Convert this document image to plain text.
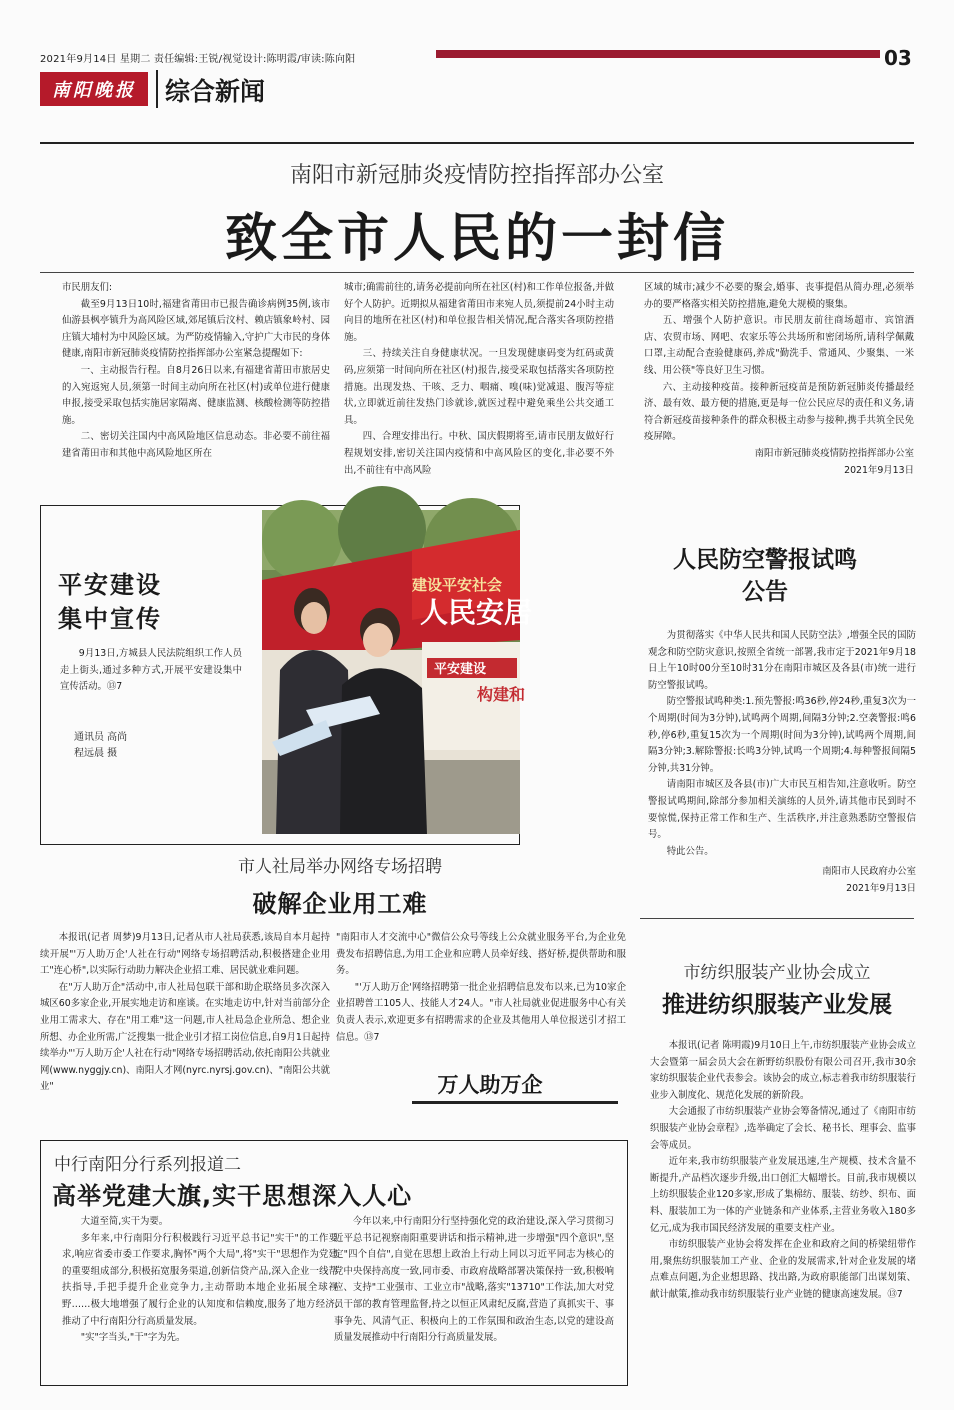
2021年9月14日 星期二 责任编辑:王锐/视觉设计:陈明霞/审读:陈向阳	03
南阳晚报	综合新闻
南阳市新冠肺炎疫情防控指挥部办公室
致全市人民的一封信

市民朋友们:

截至9月13日10时,福建省莆田市已报告确诊病例35例,该市仙游县枫亭镇升为高风险区域,郊尾镇后汶村、赖店镇象岭村、园庄镇大埔村为中风险区域。为严防疫情输入,守护广大市民的身体健康,南阳市新冠肺炎疫情防控指挥部办公室紧急提醒如下:

一、主动报告行程。自8月26日以来,有福建省莆田市旅居史的入宛返宛人员,须第一时间主动向所在社区(村)或单位进行健康申报,接受采取包括实施居家隔离、健康监测、核酸检测等防控措施。

二、密切关注国内中高风险地区信息动态。非必要不前往福建省莆田市和其他中高风险地区所在

城市;确需前往的,请务必提前向所在社区(村)和工作单位报备,并做好个人防护。近期拟从福建省莆田市来宛人员,须提前24小时主动向目的地所在社区(村)和单位报告相关情况,配合落实各项防控措施。

三、持续关注自身健康状况。一旦发现健康码变为红码或黄码,应须第一时间向所在社区(村)报告,接受采取包括落实各项防控措施。出现发热、干咳、乏力、咽痛、嗅(味)觉减退、腹泻等症状,立即就近前往发热门诊就诊,就医过程中避免乘坐公共交通工具。

四、合理安排出行。中秋、国庆假期将至,请市民朋友做好行程规划安排,密切关注国内疫情和中高风险区的变化,非必要不外出,不前往有中高风险

区域的城市;减少不必要的聚会,婚事、丧事提倡从简办理,必须举办的要严格落实相关防控措施,避免大规模的聚集。

五、增强个人防护意识。市民朋友前往商场超市、宾馆酒店、农贸市场、网吧、农家乐等公共场所和密闭场所,请科学佩戴口罩,主动配合查验健康码,养成"勤洗手、常通风、少聚集、一米线、用公筷"等良好卫生习惯。

六、主动接种疫苗。接种新冠疫苗是预防新冠肺炎传播最经济、最有效、最方便的措施,更是每一位公民应尽的责任和义务,请符合新冠疫苗接种条件的群众积极主动参与接种,携手共筑全民免疫屏障。

南阳市新冠肺炎疫情防控指挥部办公室

2021年9月13日

建设平安社会
人民安居
平安建设
构建和
平安建设
集中宣传

9月13日,方城县人民法院组织工作人员走上街头,通过多种方式,开展平安建设集中宣传活动。⑬7

通讯员 高尚
程远晨 摄
人民防空警报试鸣
公告

为贯彻落实《中华人民共和国人民防空法》,增强全民的国防观念和防空防灾意识,按照全省统一部署,我市定于2021年9月18日上午10时00分至10时31分在南阳市城区及各县(市)统一进行防空警报试鸣。

防空警报试鸣种类:1.预先警报:鸣36秒,停24秒,重复3次为一个周期(时间为3分钟),试鸣两个周期,间隔3分钟;2.空袭警报:鸣6秒,停6秒,重复15次为一个周期(时间为3分钟),试鸣两个周期,间隔3分钟;3.解除警报:长鸣3分钟,试鸣一个周期;4.每种警报间隔5分钟,共31分钟。

请南阳市城区及各县(市)广大市民互相告知,注意收听。防空警报试鸣期间,除部分参加相关演练的人员外,请其他市民到时不要惊慌,保持正常工作和生产、生活秩序,并注意熟悉防空警报信号。

特此公告。

南阳市人民政府办公室

2021年9月13日

市人社局举办网络专场招聘
破解企业用工难

本报讯(记者 周梦)9月13日,记者从市人社局获悉,该局自本月起持续开展"'万人助万企'人社在行动"网络专场招聘活动,积极搭建企业用工"连心桥",以实际行动助力解决企业招工难、居民就业难问题。

在"万人助万企"活动中,市人社局包联干部和助企联络员多次深入城区60多家企业,开展实地走访和座谈。在实地走访中,针对当前部分企业用工需求大、存在"用工难"这一问题,市人社局急企业所急、想企业所想、办企业所需,广泛搜集一批企业引才招工岗位信息,自9月1日起持续举办"'万人助万企'人社在行动"网络专场招聘活动,依托南阳公共就业网(www.nyggjy.cn)、南阳人才网(nyrc.nyrsj.gov.cn)、"南阳公共就业"

"南阳市人才交流中心"微信公众号等线上公众就业服务平台,为企业免费发布招聘信息,为用工企业和应聘人员牵好线、搭好桥,提供帮助和服务。

"'万人助万企'网络招聘第一批企业招聘信息发布以来,已为10家企业招聘普工105人、技能人才24人。"市人社局就业促进服务中心有关负责人表示,欢迎更多有招聘需求的企业及其他用人单位报送引才招工信息。⑬7

万人助万企
中行南阳分行系列报道二
高举党建大旗,实干思想深入人心

大道至简,实干为要。

多年来,中行南阳分行积极践行习近平总书记"实干"的工作要求,响应省委市委工作要求,胸怀"两个大局",将"实干"思想作为党建的重要组成部分,积极拓宽服务渠道,创新信贷产品,深入企业一线帮扶指导,手把手提升企业竞争力,主动帮助本地企业拓展全球视野……极大地增强了履行企业的认知度和信赖度,服务了地方经济,推动了中行南阳分行高质量发展。

"实"字当头,"干"字为先。

今年以来,中行南阳分行坚持强化党的政治建设,深入学习贯彻习近平总书记视察南阳重要讲话和指示精神,进一步增强"四个意识",坚定"四个自信",自觉在思想上政治上行动上同以习近平同志为核心的党中央保持高度一致,同市委、市政府战略部署决策保持一致,积极响应、支持"工业强市、工业立市"战略,落实"13710"工作法,加大对党员干部的教育管理监督,持之以恒正风肃纪反腐,营造了真抓实干、事事争先、风清气正、积极向上的工作氛围和政治生态,以党的建设高质量发展推动中行南阳分行高质量发展。

市纺织服装产业协会成立
推进纺织服装产业发展

本报讯(记者 陈明霞)9月10日上午,市纺织服装产业协会成立大会暨第一届会员大会在新野纺织股份有限公司召开,我市30余家纺织服装企业代表参会。该协会的成立,标志着我市纺织服装行业步入制度化、规范化发展的新阶段。

大会通报了市纺织服装产业协会筹备情况,通过了《南阳市纺织服装产业协会章程》,选举确定了会长、秘书长、理事会、监事会等成员。

近年来,我市纺织服装产业发展迅速,生产规模、技术含量不断提升,产品档次逐步升级,出口创汇大幅增长。目前,我市规模以上纺织服装企业120多家,形成了集棉纺、服装、纺纱、织布、面料、服装加工为一体的产业链条和产业体系,主营业务收入180多亿元,成为我市国民经济发展的重要支柱产业。

市纺织服装产业协会将发挥在企业和政府之间的桥梁纽带作用,聚焦纺织服装加工产业、企业的发展需求,针对企业发展的堵点难点问题,为企业想思路、找出路,为政府职能部门出谋划策、献计献策,推动我市纺织服装行业产业链的健康高速发展。⑬7
